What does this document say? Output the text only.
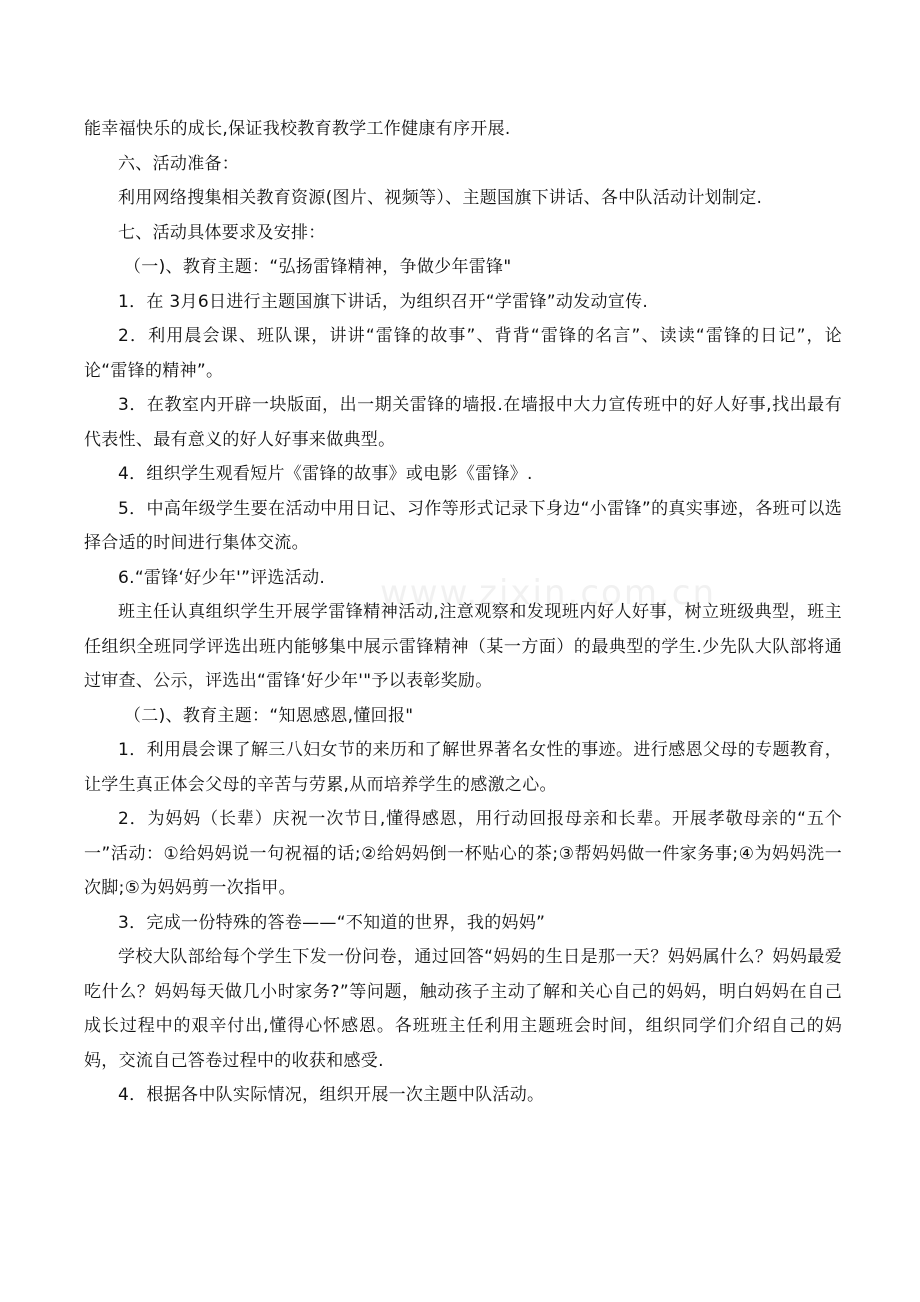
www.zixin.com.cn

能幸福快乐的成长,保证我校教育教学工作健康有序开展.

六、活动准备：

利用网络搜集相关教育资源(图片、视频等）、主题国旗下讲话、各中队活动计划制定.

七、活动具体要求及安排：

（一)、教育主题：“弘扬雷锋精神，争做少年雷锋"

1．在 3月6日进行主题国旗下讲话，为组织召开“学雷锋”动发动宣传.

2．利用晨会课、班队课，讲讲“雷锋的故事”、背背“雷锋的名言”、读读“雷锋的日记”，论论“雷锋的精神”。

3．在教室内开辟一块版面，出一期关雷锋的墙报.在墙报中大力宣传班中的好人好事,找出最有代表性、最有意义的好人好事来做典型。

4．组织学生观看短片《雷锋的故事》或电影《雷锋》.

5．中高年级学生要在活动中用日记、习作等形式记录下身边“小雷锋”的真实事迹，各班可以选择合适的时间进行集体交流。

6.“雷锋‘好少年'”评选活动.

班主任认真组织学生开展学雷锋精神活动,注意观察和发现班内好人好事，树立班级典型，班主任组织全班同学评选出班内能够集中展示雷锋精神（某一方面）的最典型的学生.少先队大队部将通过审查、公示，评选出“雷锋‘好少年'"予以表彰奖励。

（二)、教育主题：“知恩感恩,懂回报"

1．利用晨会课了解三八妇女节的来历和了解世界著名女性的事迹。进行感恩父母的专题教育，让学生真正体会父母的辛苦与劳累,从而培养学生的感激之心。

2．为妈妈（长辈）庆祝一次节日,懂得感恩，用行动回报母亲和长辈。开展孝敬母亲的“五个一”活动：①给妈妈说一句祝福的话;②给妈妈倒一杯贴心的茶;③帮妈妈做一件家务事;④为妈妈洗一次脚;⑤为妈妈剪一次指甲。

3．完成一份特殊的答卷——“不知道的世界，我的妈妈”

学校大队部给每个学生下发一份问卷，通过回答“妈妈的生日是那一天？妈妈属什么？妈妈最爱吃什么？妈妈每天做几小时家务?”等问题，触动孩子主动了解和关心自己的妈妈，明白妈妈在自己成长过程中的艰辛付出,懂得心怀感恩。各班班主任利用主题班会时间，组织同学们介绍自己的妈妈，交流自己答卷过程中的收获和感受.

4．根据各中队实际情况，组织开展一次主题中队活动。
